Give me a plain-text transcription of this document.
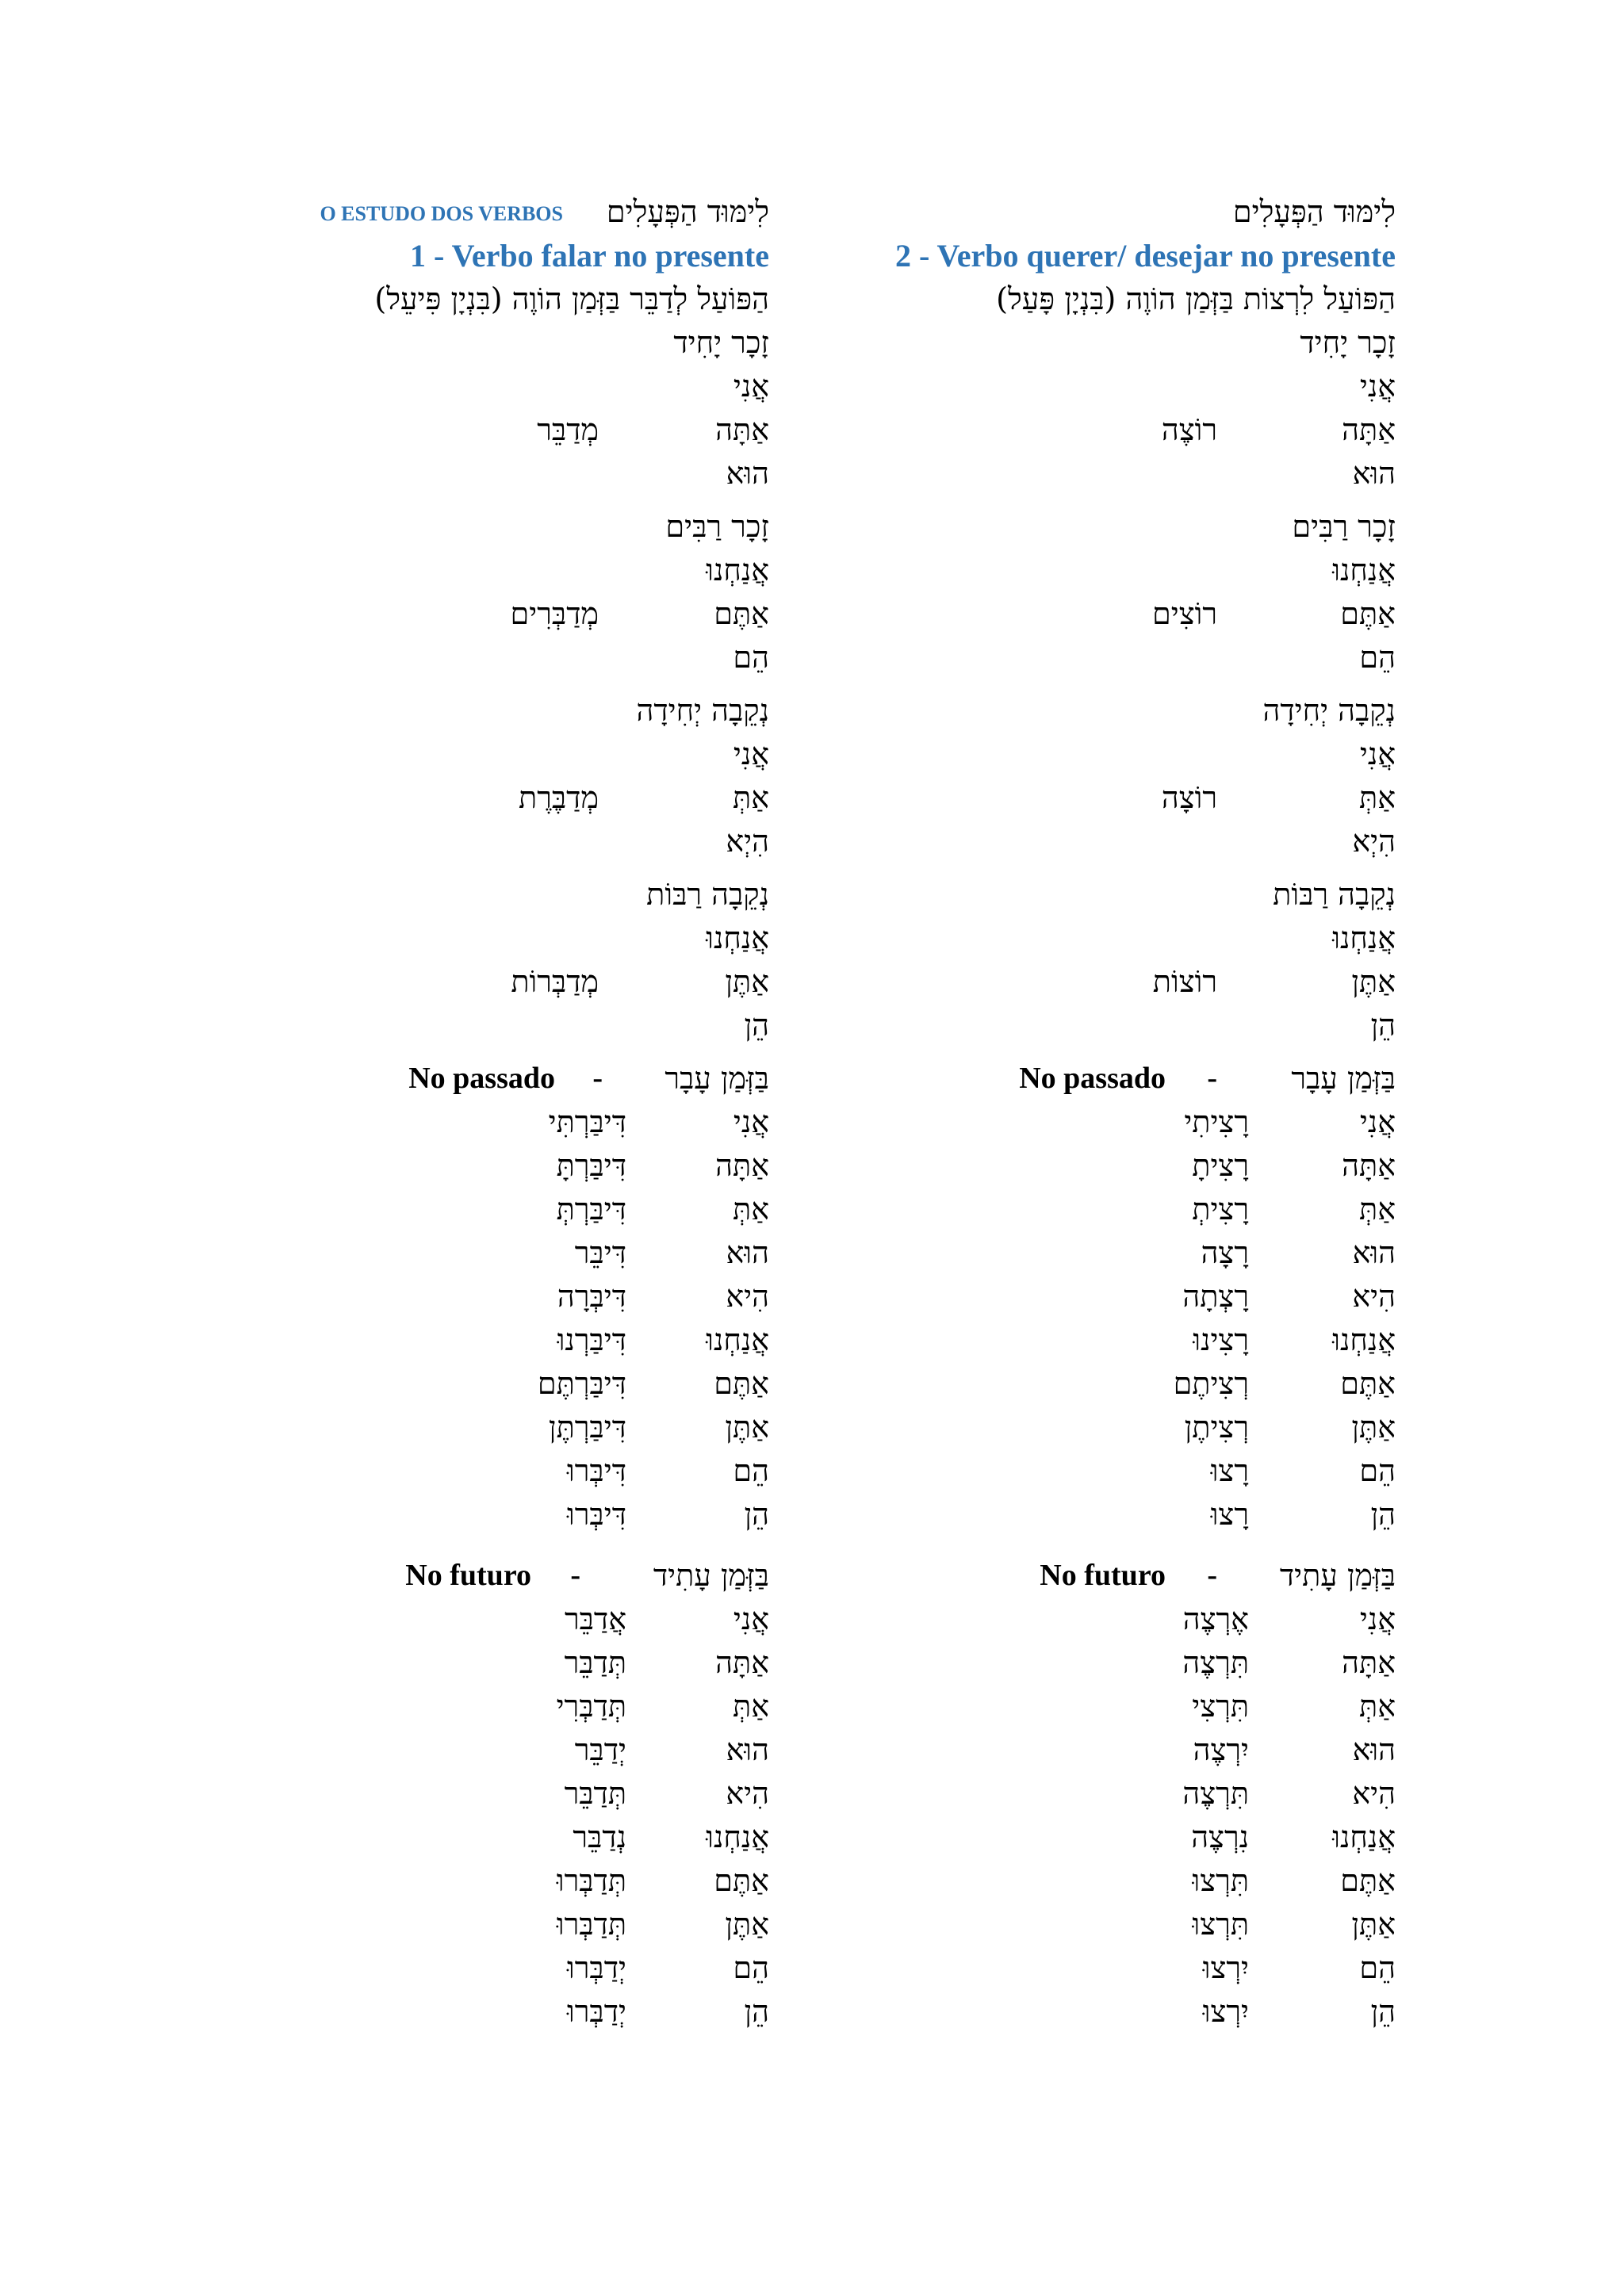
לִימּוּד הַפְּעָלִים
O ESTUDO DOS VERBOS
1 - Verbo falar no presente
הַפּוֹעַל לְדַבֵּר בַּזְּמַן הוֹוֶה (בִּנְיָן פִּיעֵל)
זָכָר יָחִיד
אֲנִי
אַתָּה
מְדַבֵּר
הוּא
זָכָר רַבִּים
אֲנַחְנוּ
אַתֶּם
מְדַבְּרִים
הֵם
נְקֵבָה יְחִידָה
אֲנִי
אַתְּ
מְדַבֶּרֶת
הִיְא
נְקֵבָה רַבּוֹת
אֲנַחְנוּ
אַתֶּן
מְדַבְּרוֹת
הֵן
בַּזְּמַן עָבָר
-
No passado
אֲנִי
דִּיבַּרְתִּי
אַתָּה
דִּיבַּרְתָּ
אַתְּ
דִּיבַּרְתְּ
הוּא
דִּיבֵּר
הִיא
דִּיבְּרָה
אֲנַחְנוּ
דִּיבַּרְנוּ
אַתֶּם
דִּיבַּרְתֶּם
אַתֶּן
דִּיבַּרְתֶּן
הֵם
דִּיבְּרוּ
הֵן
דִּיבְּרוּ
בַּזְּמַן עָתִיד
-
No futuro
אֲנִי
אֲדַבֵּר
אַתָּה
תְּדַבֵּר
אַתְּ
תְּדַבְּרִי
הוּא
יְדַבֵּר
הִיא
תְּדַבֵּר
אֲנַחְנוּ
נְדַבֵּר
אַתֶּם
תְּדַבְּרוּ
אַתֶּן
תְּדַבְּרוּ
הֵם
יְדַבְּרוּ
הֵן
יְדַבְּרוּ
לִימּוּד הַפְּעָלִים
2 - Verbo querer/ desejar no presente
הַפּוֹעַל לִרְצוֹת בַּזְּמַן הוֹוֶה (בִּנְיָן פָּעַל)
זָכָר יָחִיד
אֲנִי
אַתָּה
רוֹצֶה
הוּא
זָכָר רַבִּים
אֲנַחְנוּ
אַתֶּם
רוֹצִים
הֵם
נְקֵבָה יְחִידָה
אֲנִי
אַתְּ
רוֹצָה
הִיְא
נְקֵבָה רַבּוֹת
אֲנַחְנוּ
אַתֶּן
רוֹצוֹת
הֵן
בַּזְּמַן עָבָר
-
No passado
אֲנִי
רָצִיתִי
אַתָּה
רָצִיתָ
אַתְּ
רָצִיתְ
הוּא
רָצָה
הִיא
רָצְתָה
אֲנַחְנוּ
רָצִינוּ
אַתֶּם
רְצִיתֶם
אַתֶּן
רְצִיתֶן
הֵם
רָצוּ
הֵן
רָצוּ
בַּזְּמַן עָתִיד
-
No futuro
אֲנִי
אֶרְצֶה
אַתָּה
תִּרְצֶה
אַתְּ
תִּרְצִי
הוּא
יִרְצֶה
הִיא
תִּרְצֶה
אֲנַחְנוּ
נִרְצֶה
אַתֶּם
תִּרְצוּ
אַתֶּן
תִּרְצוּ
הֵם
יִרְצוּ
הֵן
יִרְצוּ
